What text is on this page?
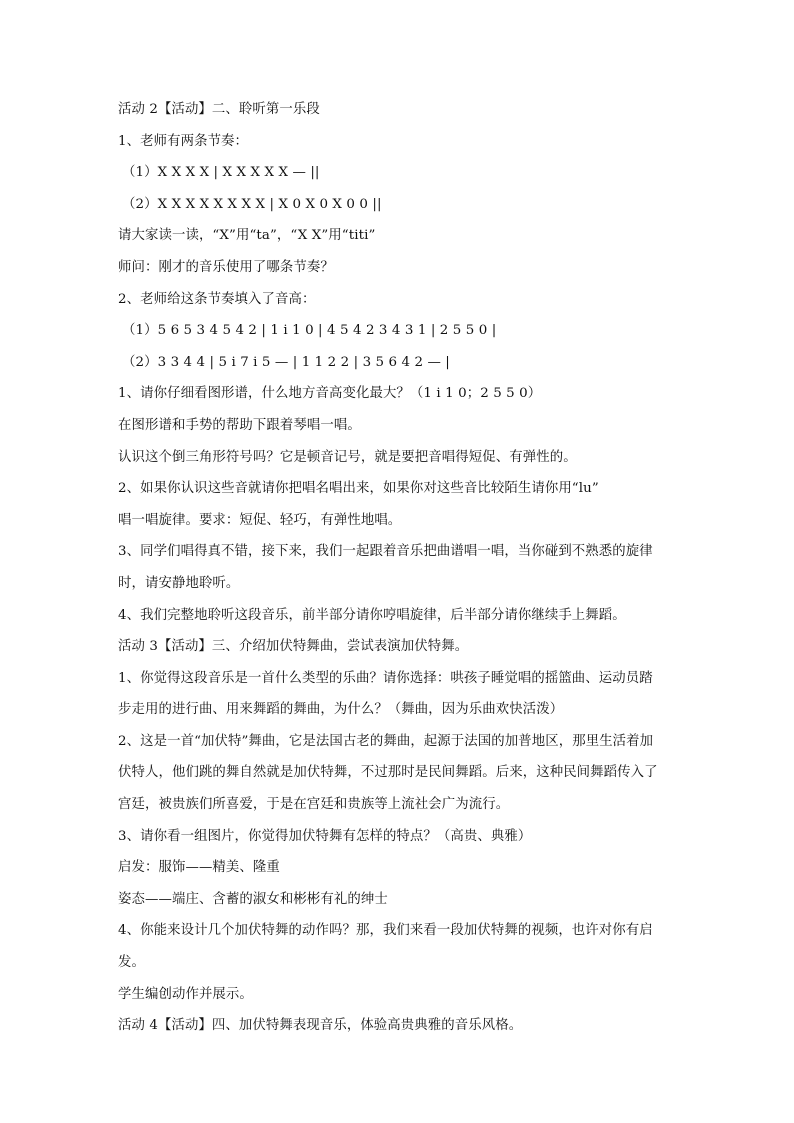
活动 2【活动】二、聆听第一乐段
1、老师有两条节奏：
（1）X X X X | X X X X X — ||
（2）X X X X X X X X | X 0 X 0 X 0 0 ||
请大家读一读，“X”用“ta”，“X X”用“titi”
师问：刚才的音乐使用了哪条节奏？
2、老师给这条节奏填入了音高：
（1）5 6 5 3 4 5 4 2 | 1 i 1 0 | 4 5 4 2 3 4 3 1 | 2 5 5 0 |
（2）3 3 4 4 | 5 i 7 i 5 — | 1 1 2 2 | 3 5 6 4 2 — |
1、请你仔细看图形谱，什么地方音高变化最大？（1 i 1 0；2 5 5 0）
在图形谱和手势的帮助下跟着琴唱一唱。
认识这个倒三角形符号吗？它是顿音记号，就是要把音唱得短促、有弹性的。
2、如果你认识这些音就请你把唱名唱出来，如果你对这些音比较陌生请你用“lu”
唱一唱旋律。要求：短促、轻巧，有弹性地唱。
3、同学们唱得真不错，接下来，我们一起跟着音乐把曲谱唱一唱，当你碰到不熟悉的旋律
时，请安静地聆听。
4、我们完整地聆听这段音乐，前半部分请你哼唱旋律，后半部分请你继续手上舞蹈。
活动 3【活动】三、介绍加伏特舞曲，尝试表演加伏特舞。
1、你觉得这段音乐是一首什么类型的乐曲？请你选择：哄孩子睡觉唱的摇篮曲、运动员踏
步走用的进行曲、用来舞蹈的舞曲，为什么？（舞曲，因为乐曲欢快活泼）
2、这是一首“加伏特”舞曲，它是法国古老的舞曲，起源于法国的加普地区，那里生活着加
伏特人，他们跳的舞自然就是加伏特舞，不过那时是民间舞蹈。后来，这种民间舞蹈传入了
宫廷，被贵族们所喜爱，于是在宫廷和贵族等上流社会广为流行。
3、请你看一组图片，你觉得加伏特舞有怎样的特点？（高贵、典雅）
启发：服饰——精美、隆重
姿态——端庄、含蓄的淑女和彬彬有礼的绅士
4、你能来设计几个加伏特舞的动作吗？那，我们来看一段加伏特舞的视频，也许对你有启
发。
学生编创动作并展示。
活动 4【活动】四、加伏特舞表现音乐，体验高贵典雅的音乐风格。
